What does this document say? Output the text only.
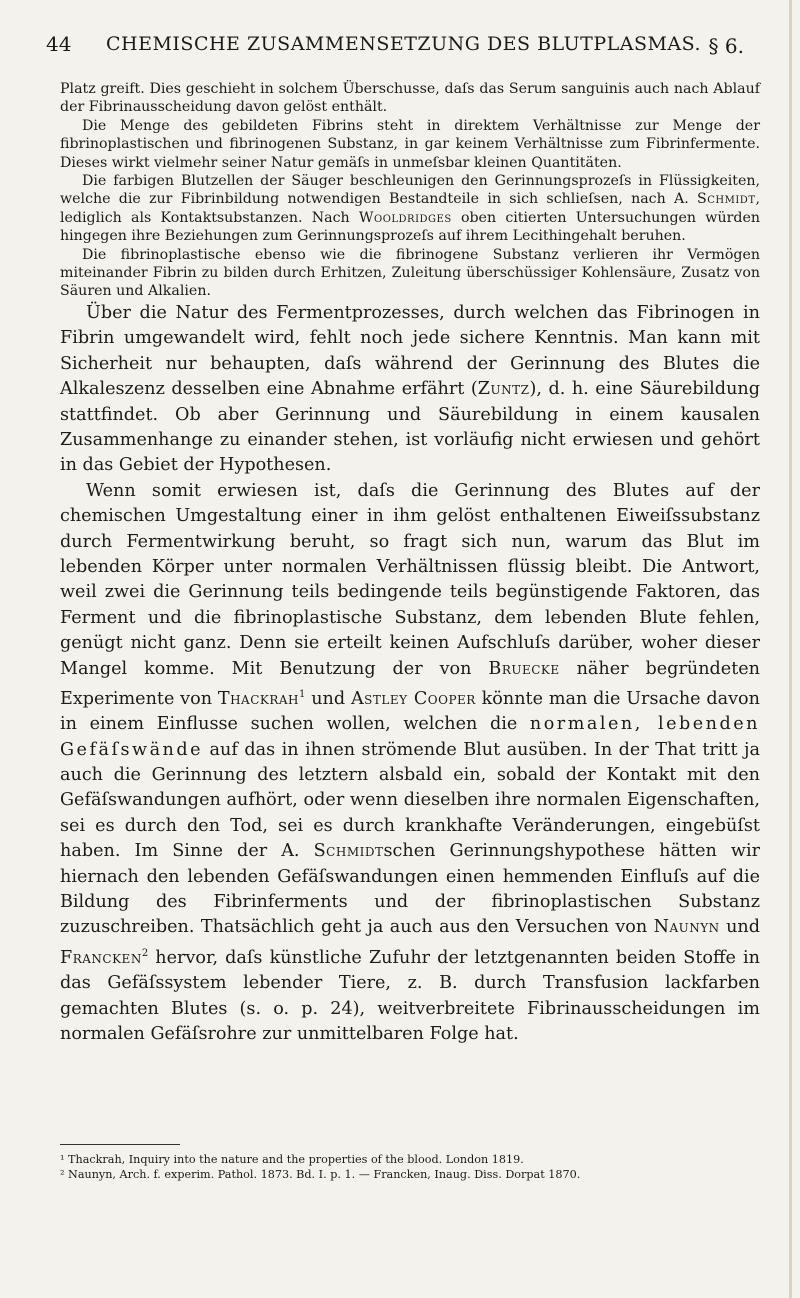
44 CHEMISCHE ZUSAMMENSETZUNG DES BLUTPLASMAS. § 6.

Platz greift. Dies geschieht in solchem Überschusse, daſs das Serum sanguinis auch nach Ablauf der Fibrinausscheidung davon gelöst enthält.

Die Menge des gebildeten Fibrins steht in direktem Verhältnisse zur Menge der fibrinoplastischen und fibrinogenen Substanz, in gar keinem Verhältnisse zum Fibrinfermente. Dieses wirkt vielmehr seiner Natur gemäſs in unmeſsbar kleinen Quantitäten.

Die farbigen Blutzellen der Säuger beschleunigen den Gerinnungsprozeſs in Flüssigkeiten, welche die zur Fibrinbildung notwendigen Bestandteile in sich schlieſsen, nach A. Schmidt, lediglich als Kontaktsubstanzen. Nach Wooldridges oben citierten Untersuchungen würden hingegen ihre Beziehungen zum Gerinnungsprozeſs auf ihrem Lecithingehalt beruhen.

Die fibrinoplastische ebenso wie die fibrinogene Substanz verlieren ihr Vermögen miteinander Fibrin zu bilden durch Erhitzen, Zuleitung überschüssiger Kohlensäure, Zusatz von Säuren und Alkalien.

Über die Natur des Fermentprozesses, durch welchen das Fibrinogen in Fibrin umgewandelt wird, fehlt noch jede sichere Kenntnis. Man kann mit Sicherheit nur behaupten, daſs während der Gerinnung des Blutes die Alkaleszenz desselben eine Abnahme erfährt (Zuntz), d. h. eine Säurebildung stattfindet. Ob aber Gerinnung und Säurebildung in einem kausalen Zusammenhange zu einander stehen, ist vorläufig nicht erwiesen und gehört in das Gebiet der Hypothesen.

Wenn somit erwiesen ist, daſs die Gerinnung des Blutes auf der chemischen Umgestaltung einer in ihm gelöst enthaltenen Eiweiſssubstanz durch Fermentwirkung beruht, so fragt sich nun, warum das Blut im lebenden Körper unter normalen Verhältnissen flüssig bleibt. Die Antwort, weil zwei die Gerinnung teils bedingende teils begünstigende Faktoren, das Ferment und die fibrinoplastische Substanz, dem lebenden Blute fehlen, genügt nicht ganz. Denn sie erteilt keinen Aufschluſs darüber, woher dieser Mangel komme. Mit Benutzung der von Bruecke näher begründeten Experimente von Thackrah$^1$ und Astley Cooper könnte man die Ursache davon in einem Einflusse suchen wollen, welchen die normalen, lebenden Gefäſswände auf das in ihnen strömende Blut ausüben. In der That tritt ja auch die Gerinnung des letztern alsbald ein, sobald der Kontakt mit den Gefäſswandungen aufhört, oder wenn dieselben ihre normalen Eigenschaften, sei es durch den Tod, sei es durch krankhafte Veränderungen, eingebüſst haben. Im Sinne der A. Schmidtschen Gerinnungshypothese hätten wir hiernach den lebenden Gefäſswandungen einen hemmenden Einfluſs auf die Bildung des Fibrinferments und der fibrinoplastischen Substanz zuzuschreiben. Thatsächlich geht ja auch aus den Versuchen von Naunyn und Francken$^2$ hervor, daſs künstliche Zufuhr der letztgenannten beiden Stoffe in das Gefäſssystem lebender Tiere, z. B. durch Transfusion lackfarben gemachten Blutes (s. o. p. 24), weitverbreitete Fibrinausscheidungen im normalen Gefäſsrohre zur unmittelbaren Folge hat.

¹ Thackrah, Inquiry into the nature and the properties of the blood. London 1819.
² Naunyn, Arch. f. experim. Pathol. 1873. Bd. I. p. 1. — Francken, Inaug. Diss. Dorpat 1870.
